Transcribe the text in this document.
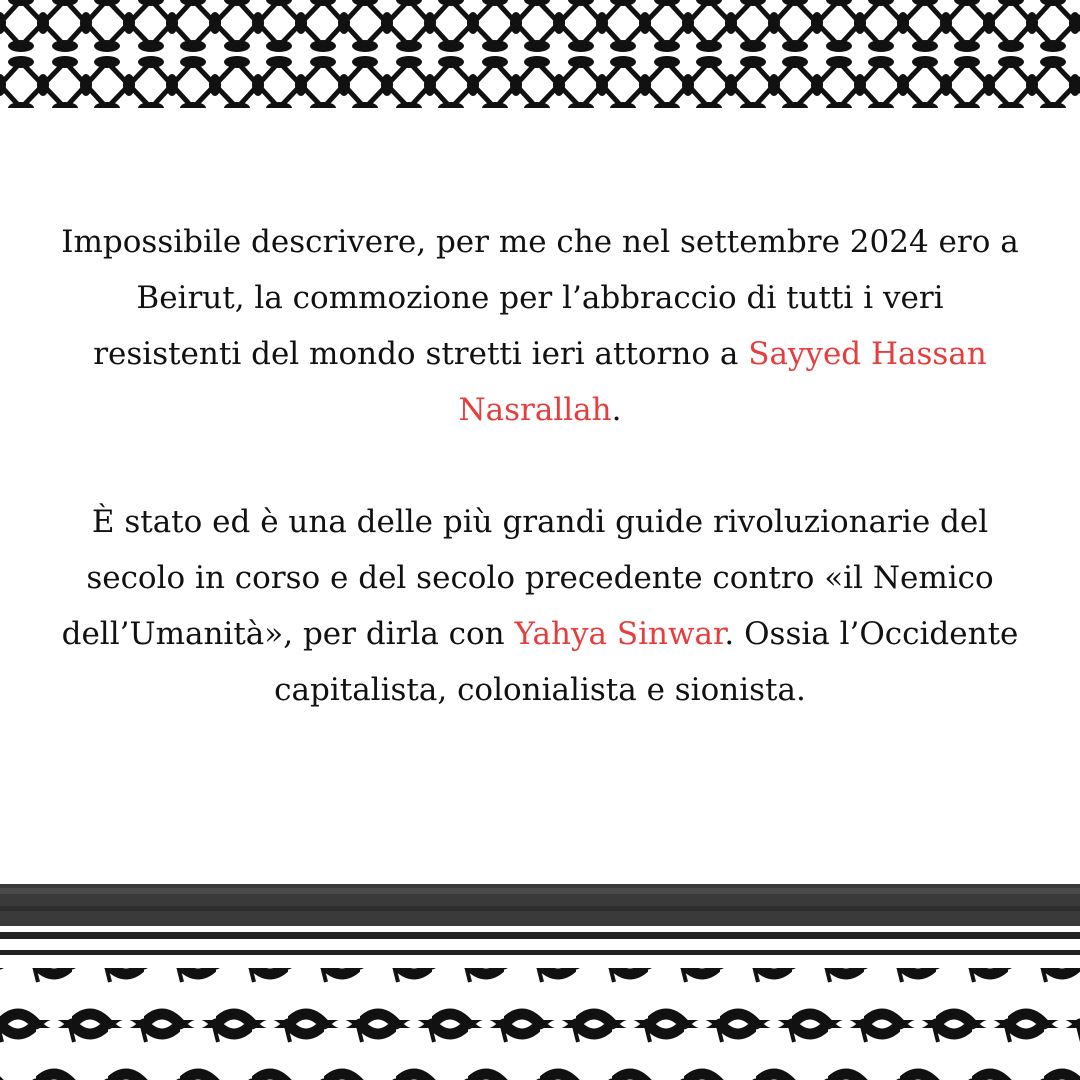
Impossibile descrivere, per me che nel settembre 2024 ero a Beirut, la commozione per l’abbraccio di tutti i veri resistenti del mondo stretti ieri attorno a Sayyed Hassan Nasrallah.

È stato ed è una delle più grandi guide rivoluzionarie del secolo in corso e del secolo precedente contro «il Nemico dell’Umanità», per dirla con Yahya Sinwar. Ossia l’Occidente capitalista, colonialista e sionista.
